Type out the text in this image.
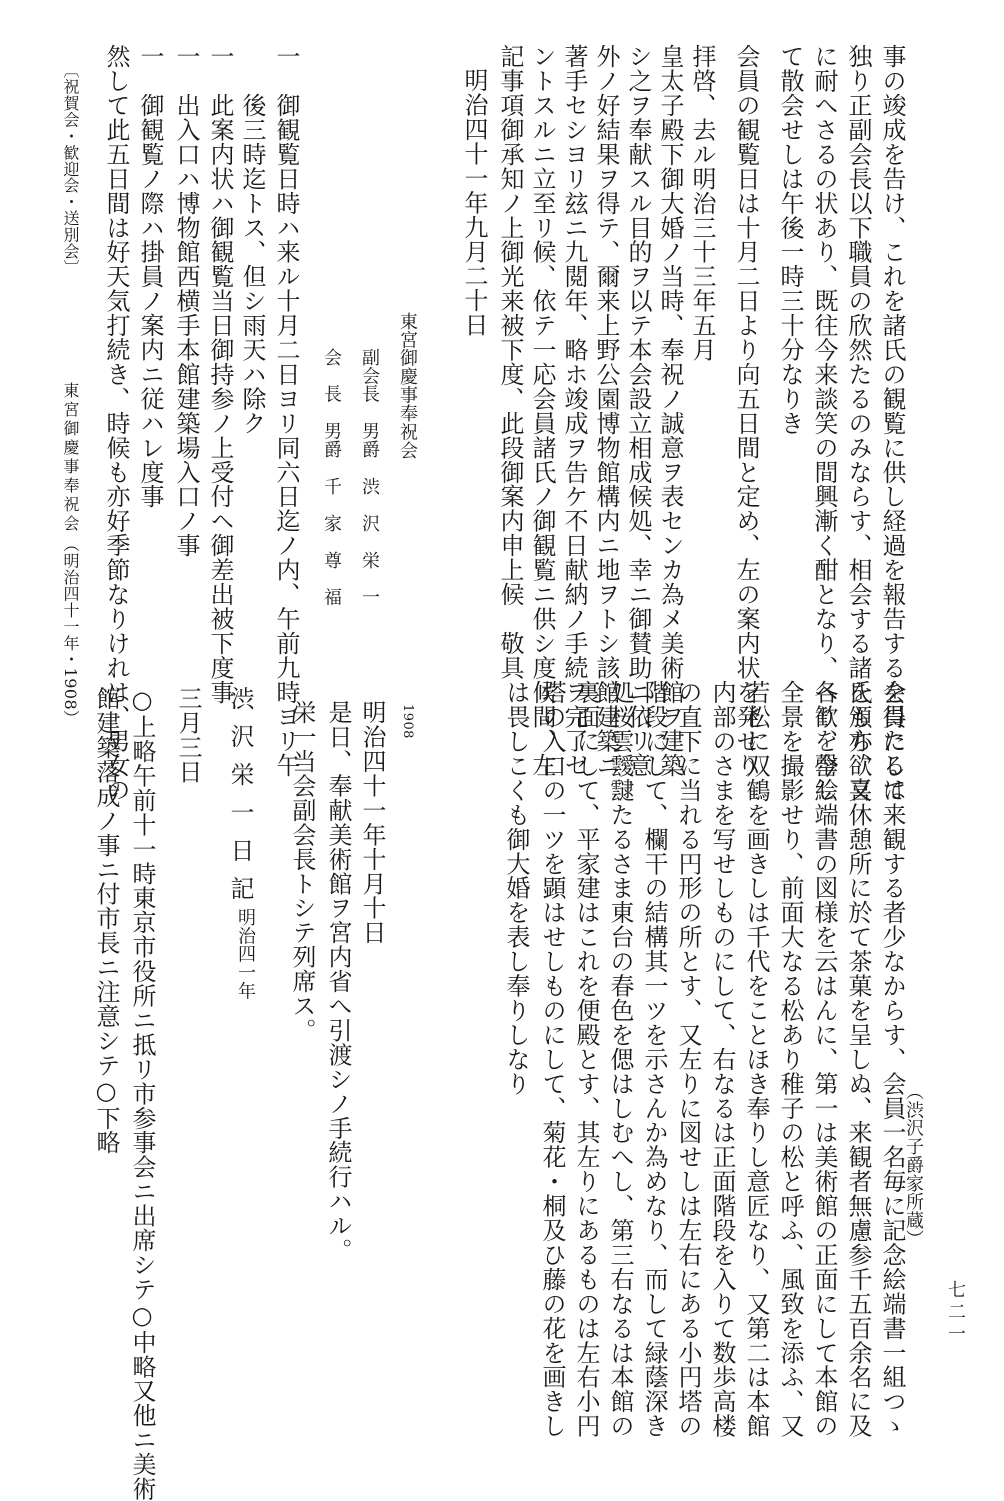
事の竣成を告け、これを諸氏の観覧に供し経過を報告するを得たるは

独り正副会長以下職員の欣然たるのみならす、相会する諸氏も亦欲喜

に耐へさるの状あり、既往今来談笑の間興漸く酣となり、各歓を罄し

て散会せしは午後一時三十分なりき

会員の観覧日は十月二日より向五日間と定め、左の案内状を発せり

拝啓、去ル明治三十三年五月

皇太子殿下御大婚ノ当時、奉祝ノ誠意ヲ表センカ為メ美術館ヲ建築

シ之ヲ奉献スル目的ヲ以テ本会設立相成候処、幸ニ御賛助ニ依リ意

外ノ好結果ヲ得テ、爾来上野公園博物館構内ニ地ヲトシ該館建築ニ

著手セシヨリ玆ニ九閲年、略ホ竣成ヲ告ケ不日献納ノ手続ヲ完了セ

ントスルニ立至リ候、依テ一応会員諸氏ノ御観覧ニ供シ度候間、左

記事項御承知ノ上御光来被下度、此段御案内申上候　敬具

明治四十一年九月二十日

東宮御慶事奉祝会

副会長　男爵　渋　沢　栄　一

会　長　男爵　千　家　尊　福

一　御観覧日時ハ来ル十月二日ヨリ同六日迄ノ内、午前九時ヨリ午

　　後三時迄トス、但シ雨天ハ除ク

一　此案内状ハ御観覧当日御持参ノ上受付ヘ御差出被下度事

一　出入口ハ博物館西横手本館建築場入口ノ事

一　御観覧ノ際ハ掛員ノ案内ニ従ハレ度事

然して此五日間は好天気打続き、時候も亦好季節なりけれは、男女の

〔祝賀会・歓迎会・送別会〕

東宮御慶事奉祝会

（明治四十一年・1908）

会員にして来観する者少なからす、会員一名毎に記念絵端書一組つゝ

を頒ち、又休憩所に於て茶菓を呈しぬ、来観者無慮参千五百余名に及

へり、今絵端書の図様を云はんに、第一は美術館の正面にして本館の

全景を撮影せり、前面大なる松あり稚子の松と呼ふ、風致を添ふ、又

若松に双鶴を画きしは千代をことほき奉りし意匠なり、又第二は本館

内部のさまを写せしものにして、右なるは正面階段を入りて数歩高楼

の直下に当れる円形の所とす、又左りに図せしは左右にある小円塔の

階段にして、欄干の結構其一ツを示さんか為めなり、而して緑蔭深き

処桜雲靉靆たるさま東台の春色を偲はしむへし、第三右なるは本館の

裏面にして、平家建はこれを便殿とす、其左りにあるものは左右小円

塔の入口の一ツを顕はせしものにして、菊花・桐及ひ藤の花を画きし

は畏しこくも御大婚を表し奉りしなり

（渋沢子爵家所蔵）

1908

明治四十一年十月十日

是日、奉献美術館ヲ宮内省へ引渡シノ手続行ハル。

栄一当会副会長トシテ列席ス。

渋沢栄一日記

明治四一年

三月三日

○上略午前十一時東京市役所ニ抵リ市参事会ニ出席シテ○中略又他ニ美術

館建築落成ノ事ニ付市長ニ注意シテ○下略

七二一
